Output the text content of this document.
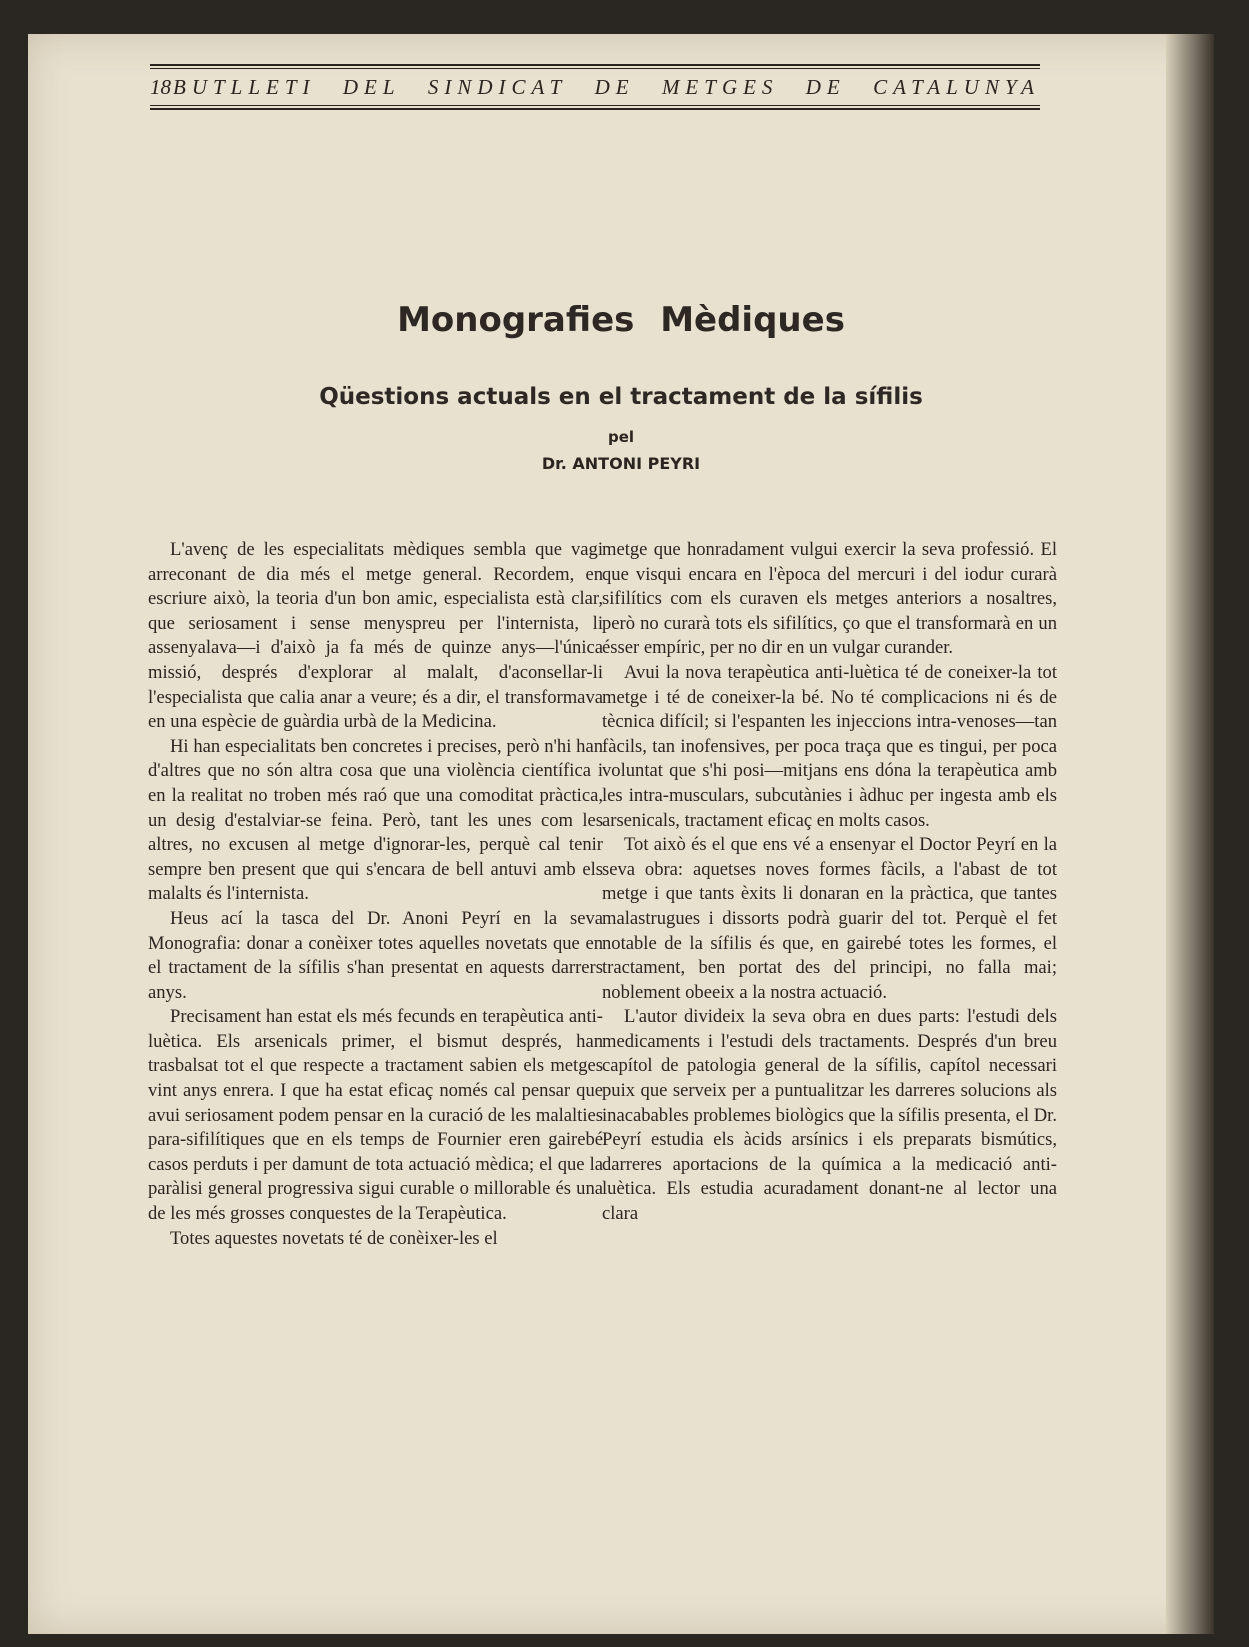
18 BUTLLETI DEL SINDICAT DE METGES DE CATALUNYA
Monografies Mèdiques
Qüestions actuals en el tractament de la sífilis
pel
Dr. ANTONI PEYRI

L'avenç de les especialitats mèdiques sembla que vagi arreconant de dia més el metge general. Recordem, en escriure això, la teoria d'un bon amic, especialista està clar, que seriosament i sense menyspreu per l'internista, li assenyalava—i d'això ja fa més de quinze anys—l'única missió, després d'explorar al malalt, d'aconsellar-li l'especialista que calia anar a veure; és a dir, el transformava en una espècie de guàrdia urbà de la Medicina.

Hi han especialitats ben concretes i precises, però n'hi han d'altres que no són altra cosa que una violència científica i en la realitat no troben més raó que una comoditat pràctica, un desig d'estalviar-se feina. Però, tant les unes com les altres, no excusen al metge d'ignorar-les, perquè cal tenir sempre ben present que qui s'encara de bell antuvi amb els malalts és l'internista.

Heus ací la tasca del Dr. Anoni Peyrí en la seva Monografia: donar a conèixer totes aquelles novetats que en el tractament de la sífilis s'han presentat en aquests darrers anys.

Precisament han estat els més fecunds en terapèutica anti-luètica. Els arsenicals primer, el bismut després, han trasbalsat tot el que respecte a tractament sabien els metges vint anys enrera. I que ha estat eficaç només cal pensar que avui seriosament podem pensar en la curació de les malalties para-sifilítiques que en els temps de Fournier eren gairebé casos perduts i per damunt de tota actuació mèdica; el que la paràlisi general progressiva sigui curable o millorable és una de les més grosses conquestes de la Terapèutica.

Totes aquestes novetats té de conèixer-les el

metge que honradament vulgui exercir la seva professió. El que visqui encara en l'època del mercuri i del iodur curarà sifilítics com els curaven els metges anteriors a nosaltres, però no curarà tots els sifilítics, ço que el transformarà en un ésser empíric, per no dir en un vulgar curander.

Avui la nova terapèutica anti-luètica té de coneixer-la tot metge i té de coneixer-la bé. No té complicacions ni és de tècnica difícil; si l'espanten les injeccions intra-venoses—tan fàcils, tan inofensives, per poca traça que es tingui, per poca voluntat que s'hi posi—mitjans ens dóna la terapèutica amb les intra-musculars, subcutànies i àdhuc per ingesta amb els arsenicals, tractament eficaç en molts casos.

Tot això és el que ens vé a ensenyar el Doctor Peyrí en la seva obra: aquetses noves formes fàcils, a l'abast de tot metge i que tants èxits li donaran en la pràctica, que tantes malastrugues i dissorts podrà guarir del tot. Perquè el fet notable de la sífilis és que, en gairebé totes les formes, el tractament, ben portat des del principi, no falla mai; noblement obeeix a la nostra actuació.

L'autor divideix la seva obra en dues parts: l'estudi dels medicaments i l'estudi dels tractaments. Després d'un breu capítol de patologia general de la sífilis, capítol necessari puix que serveix per a puntualitzar les darreres solucions als inacabables problemes biològics que la sífilis presenta, el Dr. Peyrí estudia els àcids arsínics i els preparats bismútics, darreres aportacions de la química a la medicació anti-luètica. Els estudia acuradament donant-ne al lector una clara
